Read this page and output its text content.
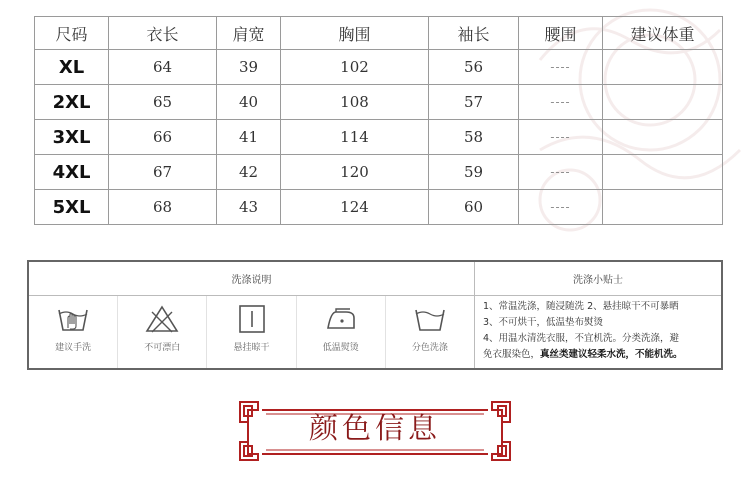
尺码	衣长	肩宽	胸围	袖长	腰围	建议体重
XL	64	39	102	56	----	
2XL	65	40	108	57	----	
3XL	66	41	114	58	----	
4XL	67	42	120	59	----	
5XL	68	43	124	60	----	
洗涤说明
建议手洗	不可漂白	悬挂晾干	低温熨烫	分色洗涤
洗涤小贴士
1、常温洗涤，随浸随洗 2、悬挂晾干不可暴晒
3、不可烘干，低温垫布熨烫
4、用温水清洗衣服，不宜机洗。分类洗涤，避
免衣服染色，真丝类建议轻柔水洗，不能机洗。
颜色信息
